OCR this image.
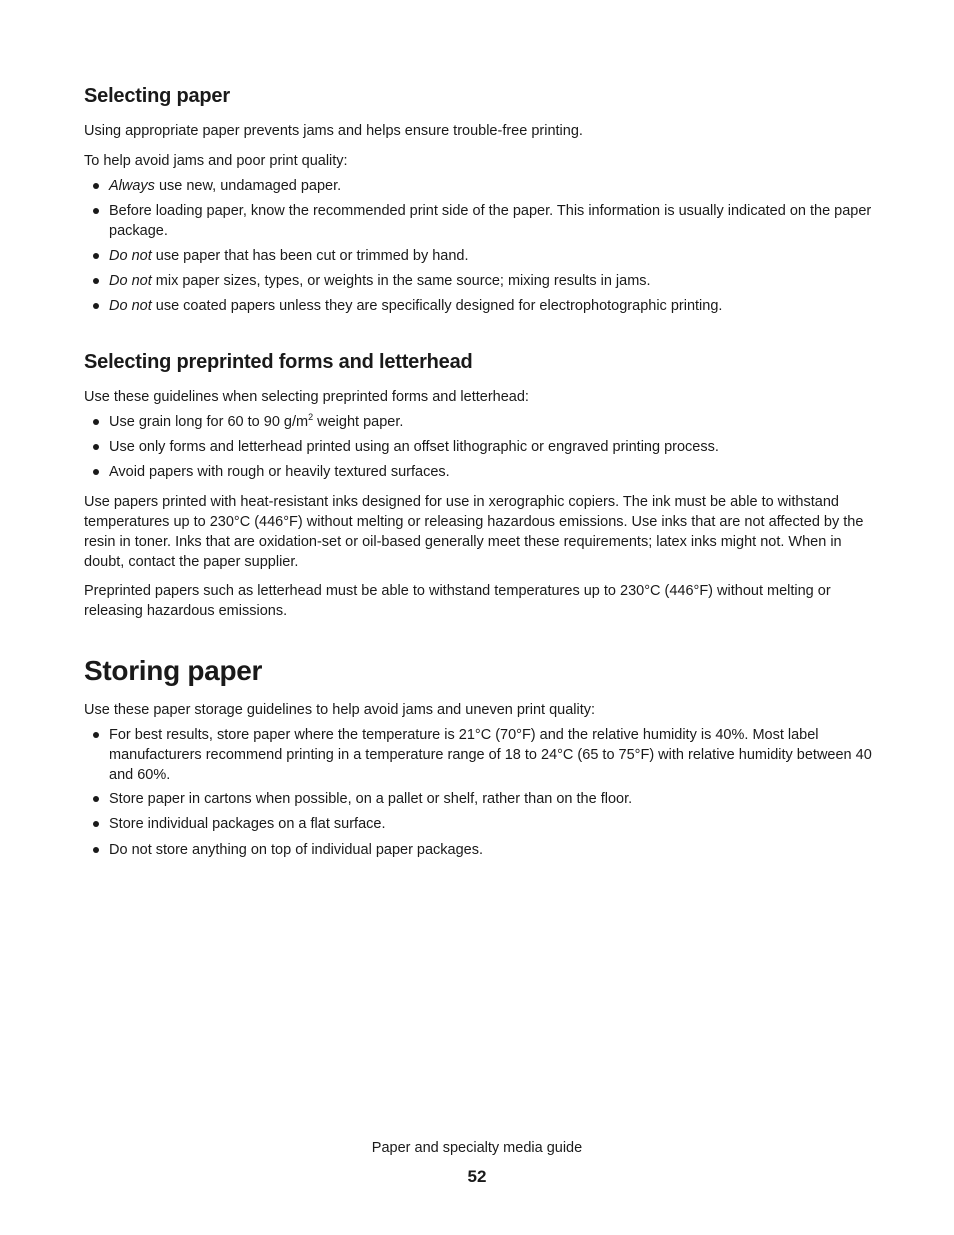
Selecting paper

Using appropriate paper prevents jams and helps ensure trouble-free printing.

To help avoid jams and poor print quality:

Always use new, undamaged paper.
Before loading paper, know the recommended print side of the paper. This information is usually indicated on the paper package.
Do not use paper that has been cut or trimmed by hand.
Do not mix paper sizes, types, or weights in the same source; mixing results in jams.
Do not use coated papers unless they are specifically designed for electrophotographic printing.
Selecting preprinted forms and letterhead

Use these guidelines when selecting preprinted forms and letterhead:

Use grain long for 60 to 90 $g/m^2$ weight paper.
Use only forms and letterhead printed using an offset lithographic or engraved printing process.
Avoid papers with rough or heavily textured surfaces.

Use papers printed with heat-resistant inks designed for use in xerographic copiers. The ink must be able to withstand temperatures up to 230°C (446°F) without melting or releasing hazardous emissions. Use inks that are not affected by the resin in toner. Inks that are oxidation-set or oil-based generally meet these requirements; latex inks might not. When in doubt, contact the paper supplier.

Preprinted papers such as letterhead must be able to withstand temperatures up to 230°C (446°F) without melting or releasing hazardous emissions.

Storing paper

Use these paper storage guidelines to help avoid jams and uneven print quality:

For best results, store paper where the temperature is 21°C (70°F) and the relative humidity is 40%. Most label manufacturers recommend printing in a temperature range of 18 to 24°C (65 to 75°F) with relative humidity between 40 and 60%.
Store paper in cartons when possible, on a pallet or shelf, rather than on the floor.
Store individual packages on a flat surface.
Do not store anything on top of individual paper packages.
Paper and specialty media guide
52
